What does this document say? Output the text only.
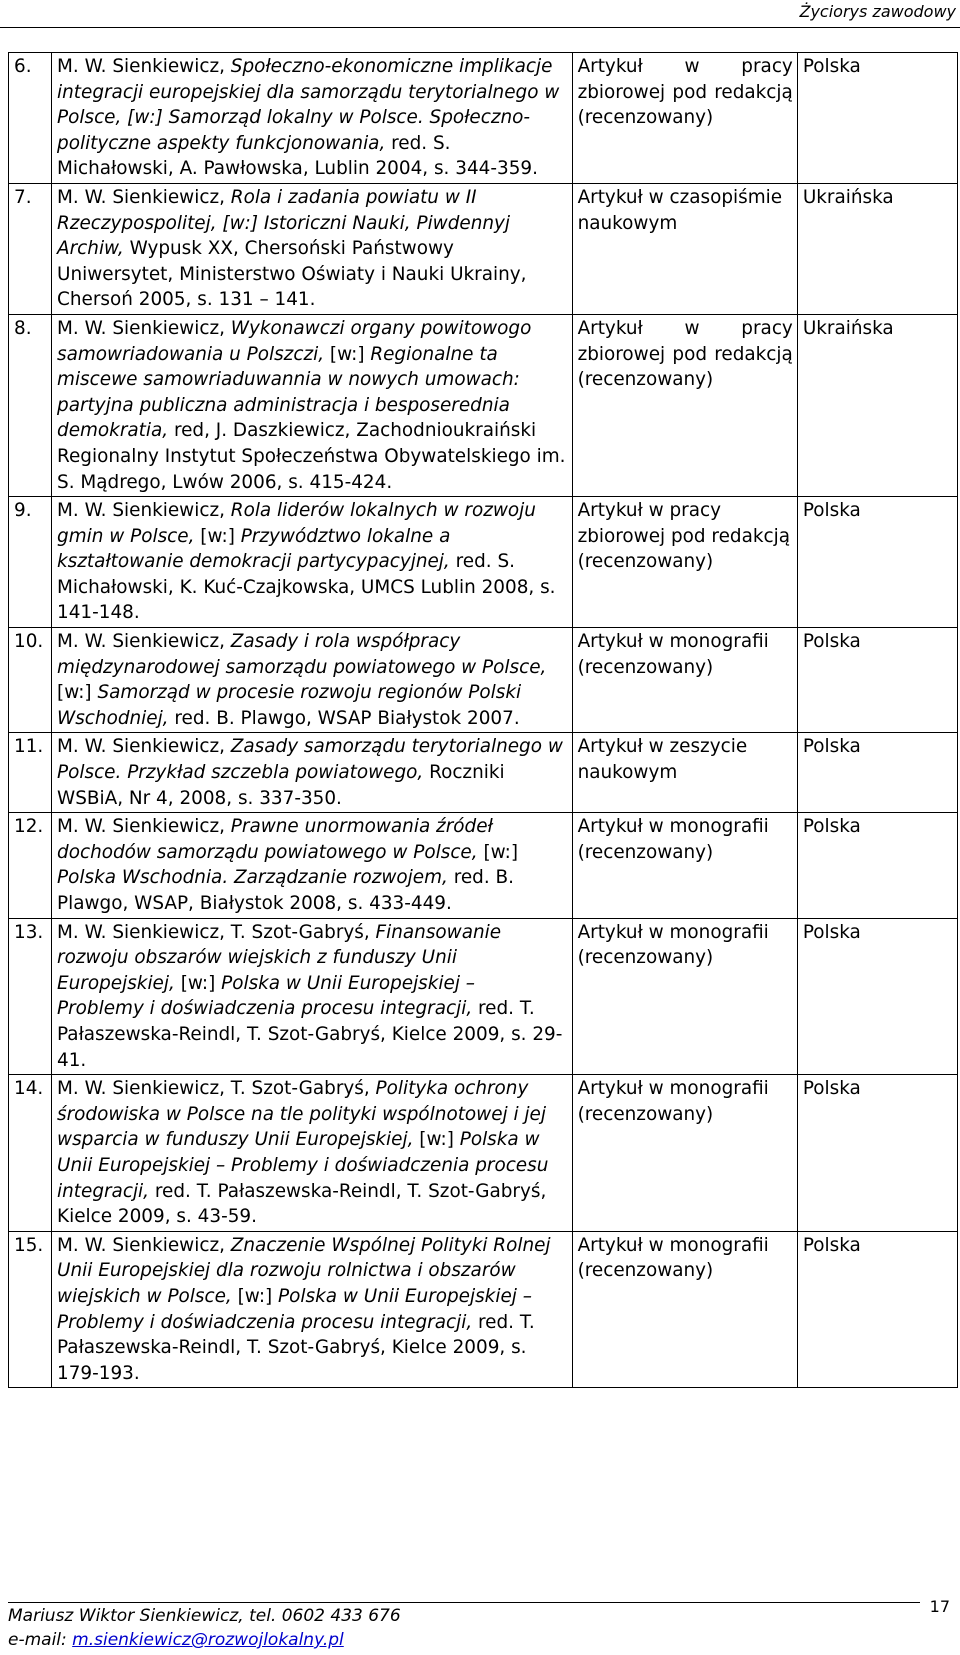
Życiorys zawodowy
6.	M. W. Sienkiewicz, Społeczno-ekonomiczne implikacje integracji europejskiej dla samorządu terytorialnego w Polsce, [w:] Samorząd lokalny w Polsce. Społeczno-polityczne aspekty funkcjonowania, red. S. Michałowski, A. Pawłowska, Lublin 2004, s. 344-359.	Artykuł w pracy zbiorowej pod redakcją (recenzowany)	Polska
7.	M. W. Sienkiewicz, Rola i zadania powiatu w II Rzeczypospolitej, [w:] Istoriczni Nauki, Piwdennyj Archiw, Wypusk XX, Chersoński Państwowy Uniwersytet, Ministerstwo Oświaty i Nauki Ukrainy, Chersoń 2005, s. 131 – 141.	Artykuł w czasopiśmie naukowym	Ukraińska
8.	M. W. Sienkiewicz, Wykonawczi organy powitowogo samowriadowania u Polszczi, [w:] Regionalne ta miscewe samowriaduwannia w nowych umowach: partyjna publiczna administracja i besposerednia demokratia, red, J. Daszkiewicz, Zachodnioukraiński Regionalny Instytut Społeczeństwa Obywatelskiego im. S. Mądrego, Lwów 2006, s. 415-424.	Artykuł w pracy zbiorowej pod redakcją (recenzowany)	Ukraińska
9.	M. W. Sienkiewicz, Rola liderów lokalnych w rozwoju gmin w Polsce, [w:] Przywództwo lokalne a kształtowanie demokracji partycypacyjnej, red. S. Michałowski, K. Kuć-Czajkowska, UMCS Lublin 2008, s. 141-148.	Artykuł w pracy zbiorowej pod redakcją (recenzowany)	Polska
10.	M. W. Sienkiewicz, Zasady i rola współpracy międzynarodowej samorządu powiatowego w Polsce, [w:] Samorząd w procesie rozwoju regionów Polski Wschodniej, red. B. Plawgo, WSAP Białystok 2007.	Artykuł w monografii (recenzowany)	Polska
11.	M. W. Sienkiewicz, Zasady samorządu terytorialnego w Polsce. Przykład szczebla powiatowego, Roczniki WSBiA, Nr 4, 2008, s. 337-350.	Artykuł w zeszycie naukowym	Polska
12.	M. W. Sienkiewicz, Prawne unormowania źródeł dochodów samorządu powiatowego w Polsce, [w:] Polska Wschodnia. Zarządzanie rozwojem, red. B. Plawgo, WSAP, Białystok 2008, s. 433-449.	Artykuł w monografii (recenzowany)	Polska
13.	M. W. Sienkiewicz, T. Szot-Gabryś, Finansowanie rozwoju obszarów wiejskich z funduszy Unii Europejskiej, [w:] Polska w Unii Europejskiej – Problemy i doświadczenia procesu integracji, red. T. Pałaszewska-Reindl, T. Szot-Gabryś, Kielce 2009, s. 29-41.	Artykuł w monografii (recenzowany)	Polska
14.	M. W. Sienkiewicz, T. Szot-Gabryś, Polityka ochrony środowiska w Polsce na tle polityki wspólnotowej i jej wsparcia w funduszy Unii Europejskiej, [w:] Polska w Unii Europejskiej – Problemy i doświadczenia procesu integracji, red. T. Pałaszewska-Reindl, T. Szot-Gabryś, Kielce 2009, s. 43-59.	Artykuł w monografii (recenzowany)	Polska
15.	M. W. Sienkiewicz, Znaczenie Wspólnej Polityki Rolnej Unii Europejskiej dla rozwoju rolnictwa i obszarów wiejskich w Polsce, [w:] Polska w Unii Europejskiej – Problemy i doświadczenia procesu integracji, red. T. Pałaszewska-Reindl, T. Szot-Gabryś, Kielce 2009, s. 179-193.	Artykuł w monografii (recenzowany)	Polska
Mariusz Wiktor Sienkiewicz, tel. 0602 433 676
e-mail: m.sienkiewicz@rozwojlokalny.pl
17
